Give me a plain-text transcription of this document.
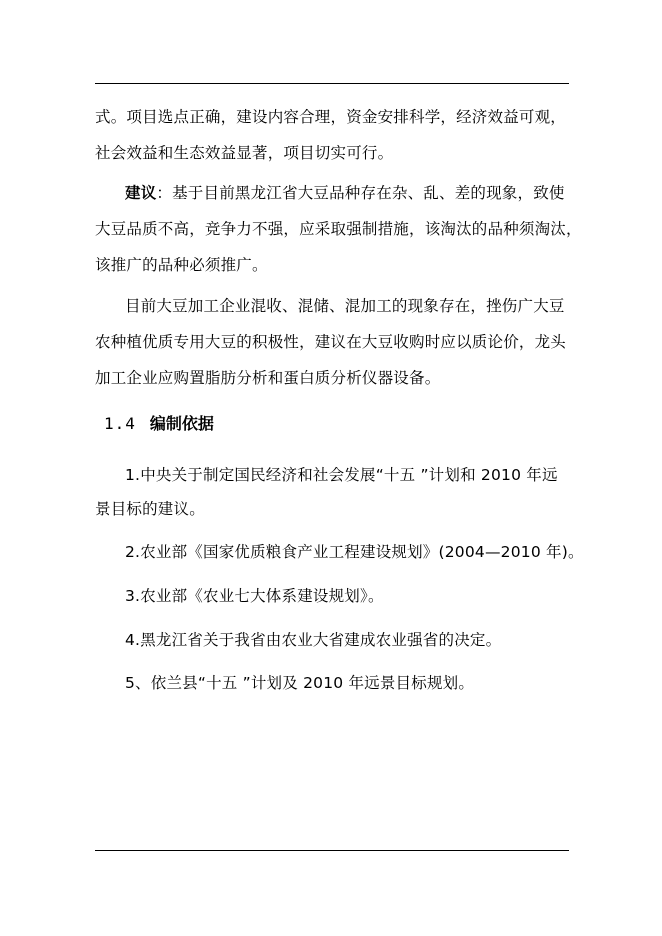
式。项目选点正确，建设内容合理，资金安排科学，经济效益可观，
社会效益和生态效益显著，项目切实可行。
建议：基于目前黑龙江省大豆品种存在杂、乱、差的现象，致使
大豆品质不高，竞争力不强，应采取强制措施，该淘汰的品种须淘汰，
该推广的品种必须推广。
目前大豆加工企业混收、混储、混加工的现象存在，挫伤广大豆
农种植优质专用大豆的积极性，建议在大豆收购时应以质论价，龙头
加工企业应购置脂肪分析和蛋白质分析仪器设备。
1.4 编制依据
1.中央关于制定国民经济和社会发展“十五 ”计划和 2010 年远
景目标的建议。
2.农业部《国家优质粮食产业工程建设规划》(2004—2010 年)。
3.农业部《农业七大体系建设规划》。
4.黑龙江省关于我省由农业大省建成农业强省的决定。
5、依兰县“十五 ”计划及 2010 年远景目标规划。
